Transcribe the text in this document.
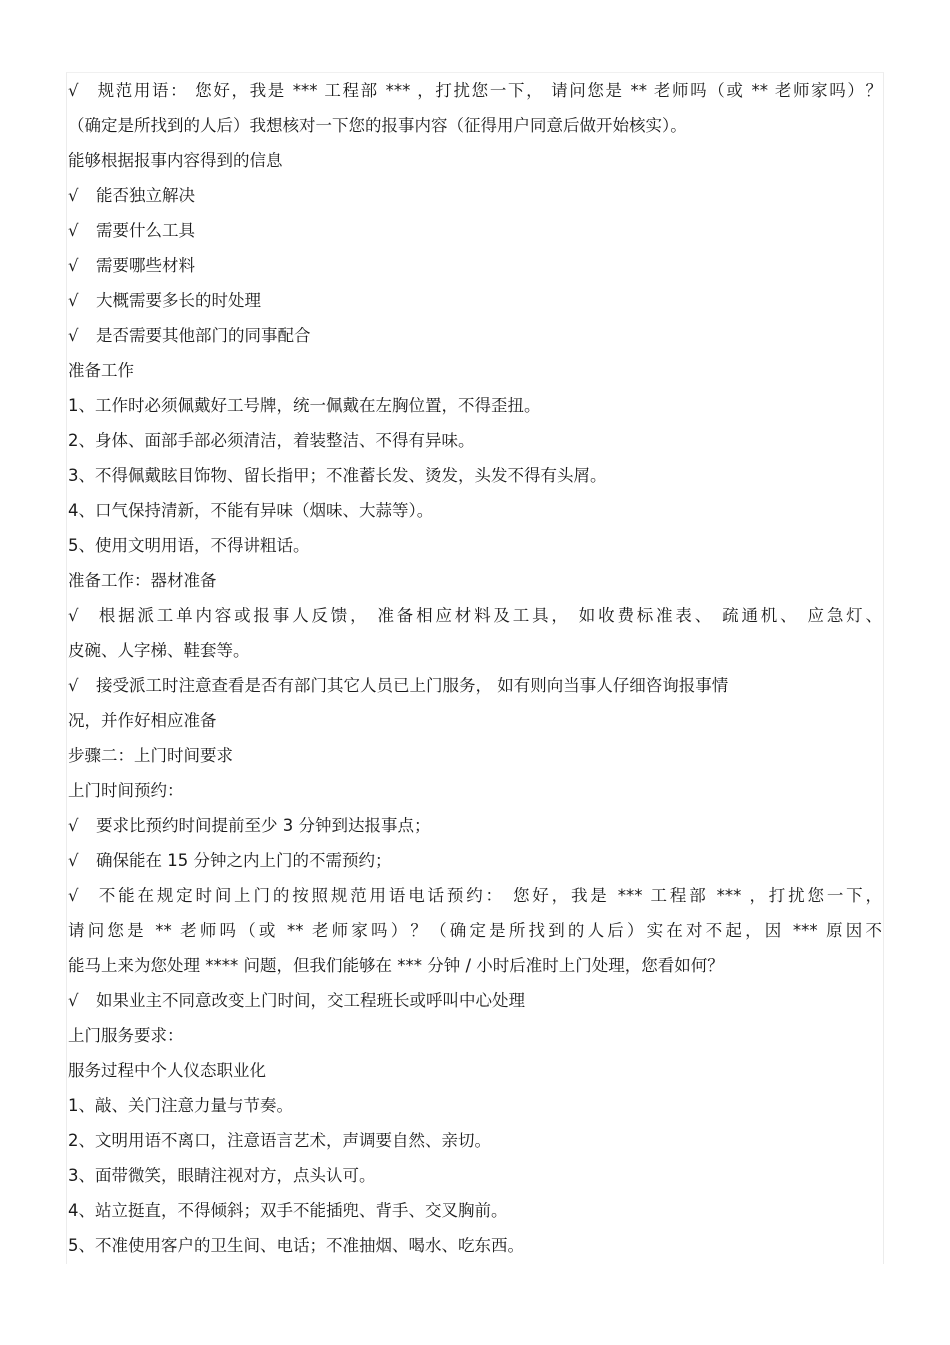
√ 规范用语： 您好，我是 *** 工程部 *** ，打扰您一下， 请问您是 ** 老师吗（或 ** 老师家吗）？
（确定是所找到的人后）我想核对一下您的报事内容（征得用户同意后做开始核实）。
能够根据报事内容得到的信息
√ 能否独立解决
√ 需要什么工具
√ 需要哪些材料
√ 大概需要多长的时处理
√ 是否需要其他部门的同事配合
准备工作
1、工作时必须佩戴好工号牌，统一佩戴在左胸位置，不得歪扭。
2、身体、面部手部必须清洁，着装整洁、不得有异味。
3、不得佩戴眩目饰物、留长指甲；不准蓄长发、烫发，头发不得有头屑。
4、口气保持清新，不能有异味（烟味、大蒜等）。
5、使用文明用语，不得讲粗话。
准备工作：器材准备
√ 根据派工单内容或报事人反馈， 准备相应材料及工具， 如收费标准表、 疏通机、 应急灯、
皮碗、人字梯、鞋套等。
√ 接受派工时注意查看是否有部门其它人员已上门服务， 如有则向当事人仔细咨询报事情
况，并作好相应准备
步骤二：上门时间要求
上门时间预约：
√ 要求比预约时间提前至少 3 分钟到达报事点；
√ 确保能在 15 分钟之内上门的不需预约；
√ 不能在规定时间上门的按照规范用语电话预约： 您好，我是 *** 工程部 *** ，打扰您一下，
请问您是 ** 老师吗（或 ** 老师家吗）？（确定是所找到的人后）实在对不起，因 *** 原因不
能马上来为您处理 **** 问题，但我们能够在 *** 分钟 / 小时后准时上门处理，您看如何？
√ 如果业主不同意改变上门时间，交工程班长或呼叫中心处理
上门服务要求：
服务过程中个人仪态职业化
1、敲、关门注意力量与节奏。
2、文明用语不离口，注意语言艺术，声调要自然、亲切。
3、面带微笑，眼睛注视对方，点头认可。
4、站立挺直，不得倾斜；双手不能插兜、背手、交叉胸前。
5、不准使用客户的卫生间、电话；不准抽烟、喝水、吃东西。
